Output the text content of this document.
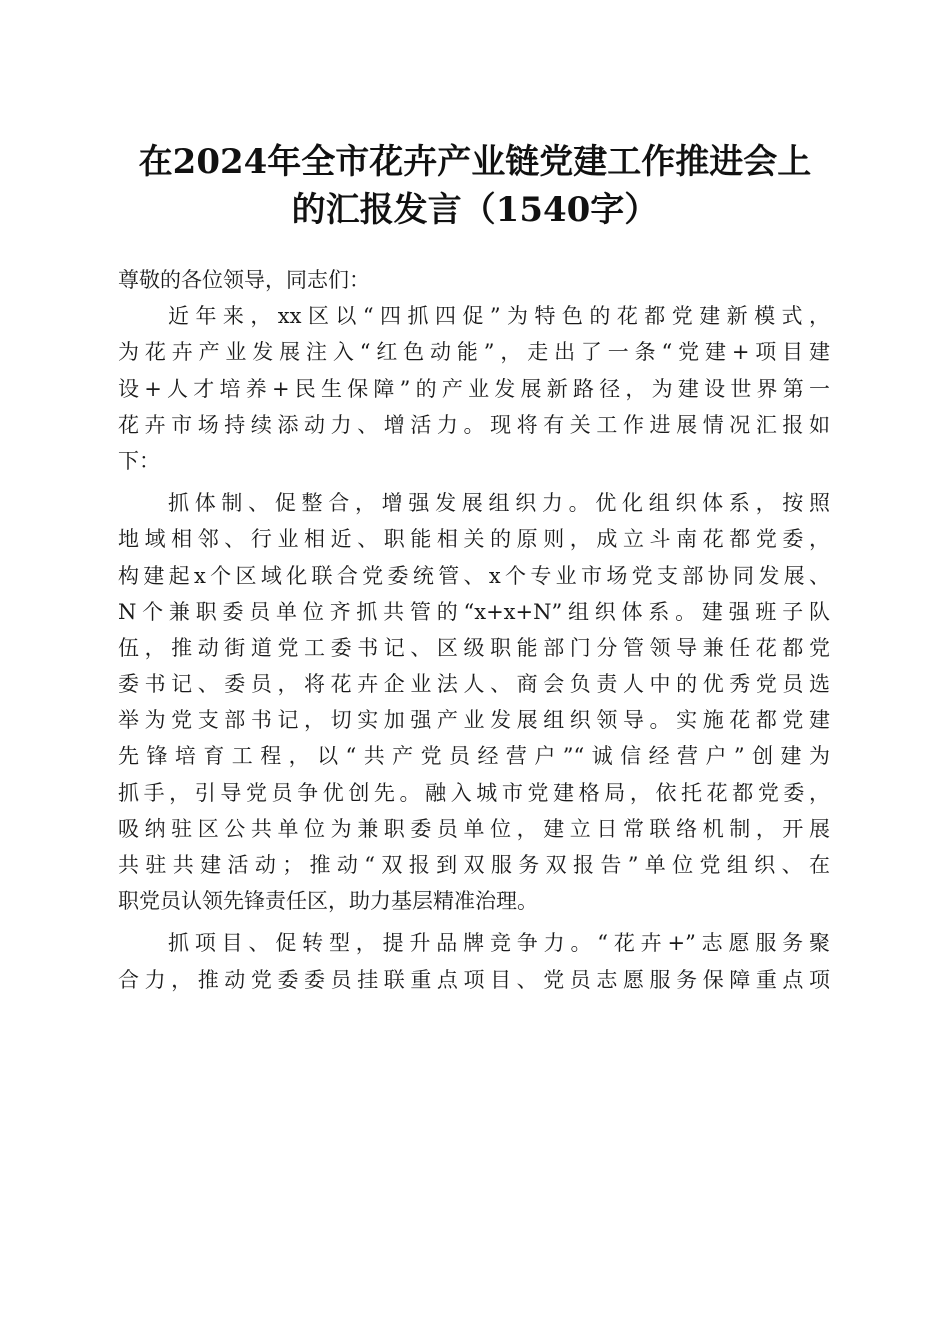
在2024年全市花卉产业链党建工作推进会上
的汇报发言（1540字）
尊敬的各位领导，同志们：
近年来，xx区以“四抓四促”为特色的花都党建新模式，
为花卉产业发展注入“红色动能”，走出了一条“党建+项目建
设+人才培养+民生保障”的产业发展新路径，为建设世界第一
花卉市场持续添动力、增活力。现将有关工作进展情况汇报如
下：
抓体制、促整合，增强发展组织力。优化组织体系，按照
地域相邻、行业相近、职能相关的原则，成立斗南花都党委，
构建起x个区域化联合党委统管、x个专业市场党支部协同发展、
N个兼职委员单位齐抓共管的“x+x+N”组织体系。建强班子队
伍，推动街道党工委书记、区级职能部门分管领导兼任花都党
委书记、委员，将花卉企业法人、商会负责人中的优秀党员选
举为党支部书记，切实加强产业发展组织领导。实施花都党建
先锋培育工程，以“共产党员经营户”“诚信经营户”创建为
抓手，引导党员争优创先。融入城市党建格局，依托花都党委，
吸纳驻区公共单位为兼职委员单位，建立日常联络机制，开展
共驻共建活动；推动“双报到双服务双报告”单位党组织、在
职党员认领先锋责任区，助力基层精准治理。
抓项目、促转型，提升品牌竞争力。“花卉+”志愿服务聚
合力，推动党委委员挂联重点项目、党员志愿服务保障重点项
